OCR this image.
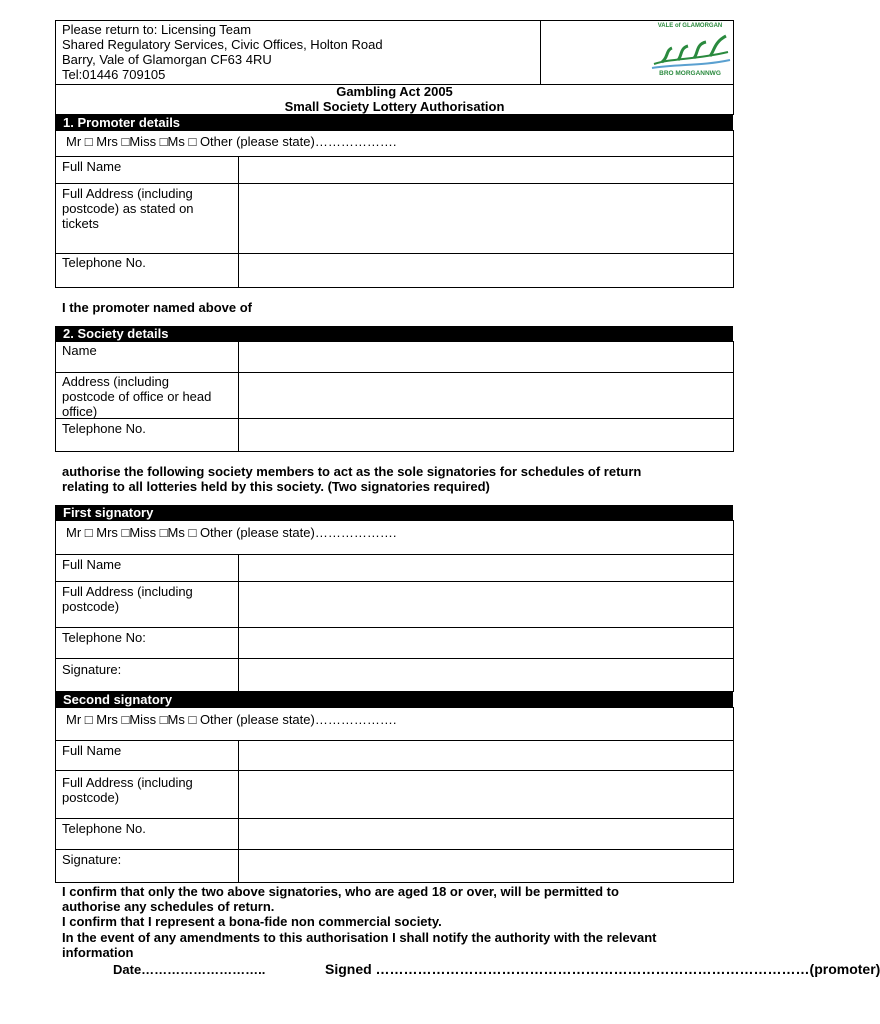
Please return to: Licensing Team
Shared Regulatory Services, Civic Offices, Holton Road
Barry, Vale of Glamorgan CF63 4RU
Tel:01446 709105
VALE of GLAMORGAN
BRO MORGANNWG
Gambling Act 2005
Small Society Lottery Authorisation
1. Promoter details
Mr □ Mrs □Miss □Ms □ Other (please state)……………….
Full Name
Full Address (including
postcode) as stated on
tickets
Telephone No.
I the promoter named above of
2. Society details
Name
Address (including
postcode of office or head
office)
Telephone No.
authorise the following society members to act as the sole signatories for schedules of return
relating to all lotteries held by this society. (Two signatories required)
First signatory
Mr □ Mrs □Miss □Ms □ Other (please state)……………….
Full Name
Full Address (including
postcode)
Telephone No:
Signature:
Second signatory
Mr □ Mrs □Miss □Ms □ Other (please state)……………….
Full Name
Full Address (including
postcode)
Telephone No.
Signature:
I confirm that only the two above signatories, who are aged 18 or over, will be permitted to
authorise any schedules of return.
I confirm that I represent a bona-fide non commercial society.
In the event of any amendments to this authorisation I shall notify the authority with the relevant
information
Date………………………..	Signed …………………………………………………………………………………(promoter)
